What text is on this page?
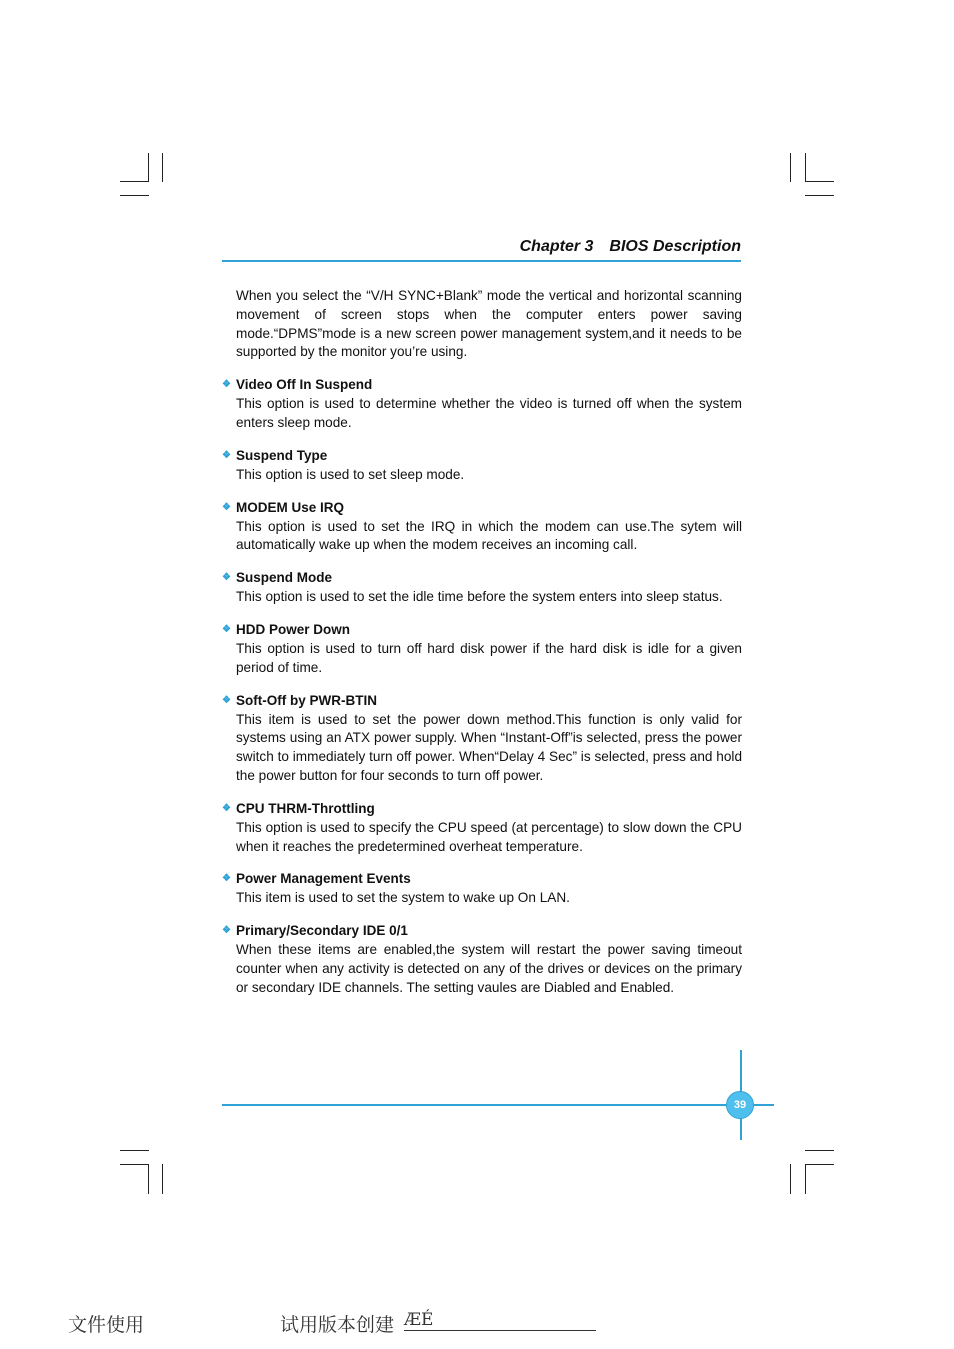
Chapter 3 BIOS Description

When you select the “V/H SYNC+Blank” mode the vertical and horizontal scanning movement of screen stops when the computer enters power saving mode.“DPMS”mode is a new screen power management system,and it needs to be supported by the monitor you’re using.

❖ Video Off In Suspend

This option is used to determine whether the video is turned off when the system enters sleep mode.

❖ Suspend Type

This option is used to set sleep mode.

❖ MODEM Use IRQ

This option is used to set the IRQ in which the modem can use.The sytem will automatically wake up when the modem receives an incoming call.

❖ Suspend Mode

This option is used to set the idle time before the system enters into sleep status.

❖ HDD Power Down

This option is used to turn off hard disk power if the hard disk is idle for a given period of time.

❖ Soft-Off by PWR-BTIN

This item is used to set the power down method.This function is only valid for systems using an ATX power supply. When “Instant-Off”is selected, press the power switch to immediately turn off power. When“Delay 4 Sec” is selected, press and hold the power button for four seconds to turn off power.

❖ CPU THRM-Throttling

This option is used to specify the CPU speed (at percentage) to slow down the CPU when it reaches the predetermined overheat temperature.

❖ Power Management Events

This item is used to set the system to wake up On LAN.

❖ Primary/Secondary IDE 0/1

When these items are enabled,the system will restart the power saving timeout counter when any activity is detected on any of the drives or devices on the primary or secondary IDE channels. The setting vaules are Diabled and Enabled.

39
文件使用	试用版本创建 ÆÉ
